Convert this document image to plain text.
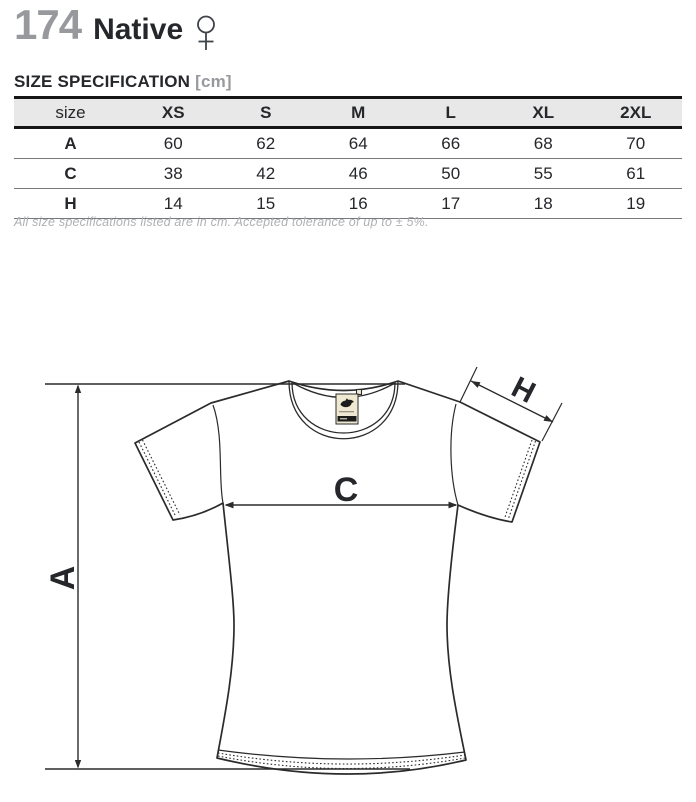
A
C
H
174 Native
SIZE SPECIFICATION [cm]
size	XS	S	M	L	XL	2XL
A	60	62	64	66	68	70
C	38	42	46	50	55	61
H	14	15	16	17	18	19
All size specifications listed are in cm. Accepted tolerance of up to ± 5%.
